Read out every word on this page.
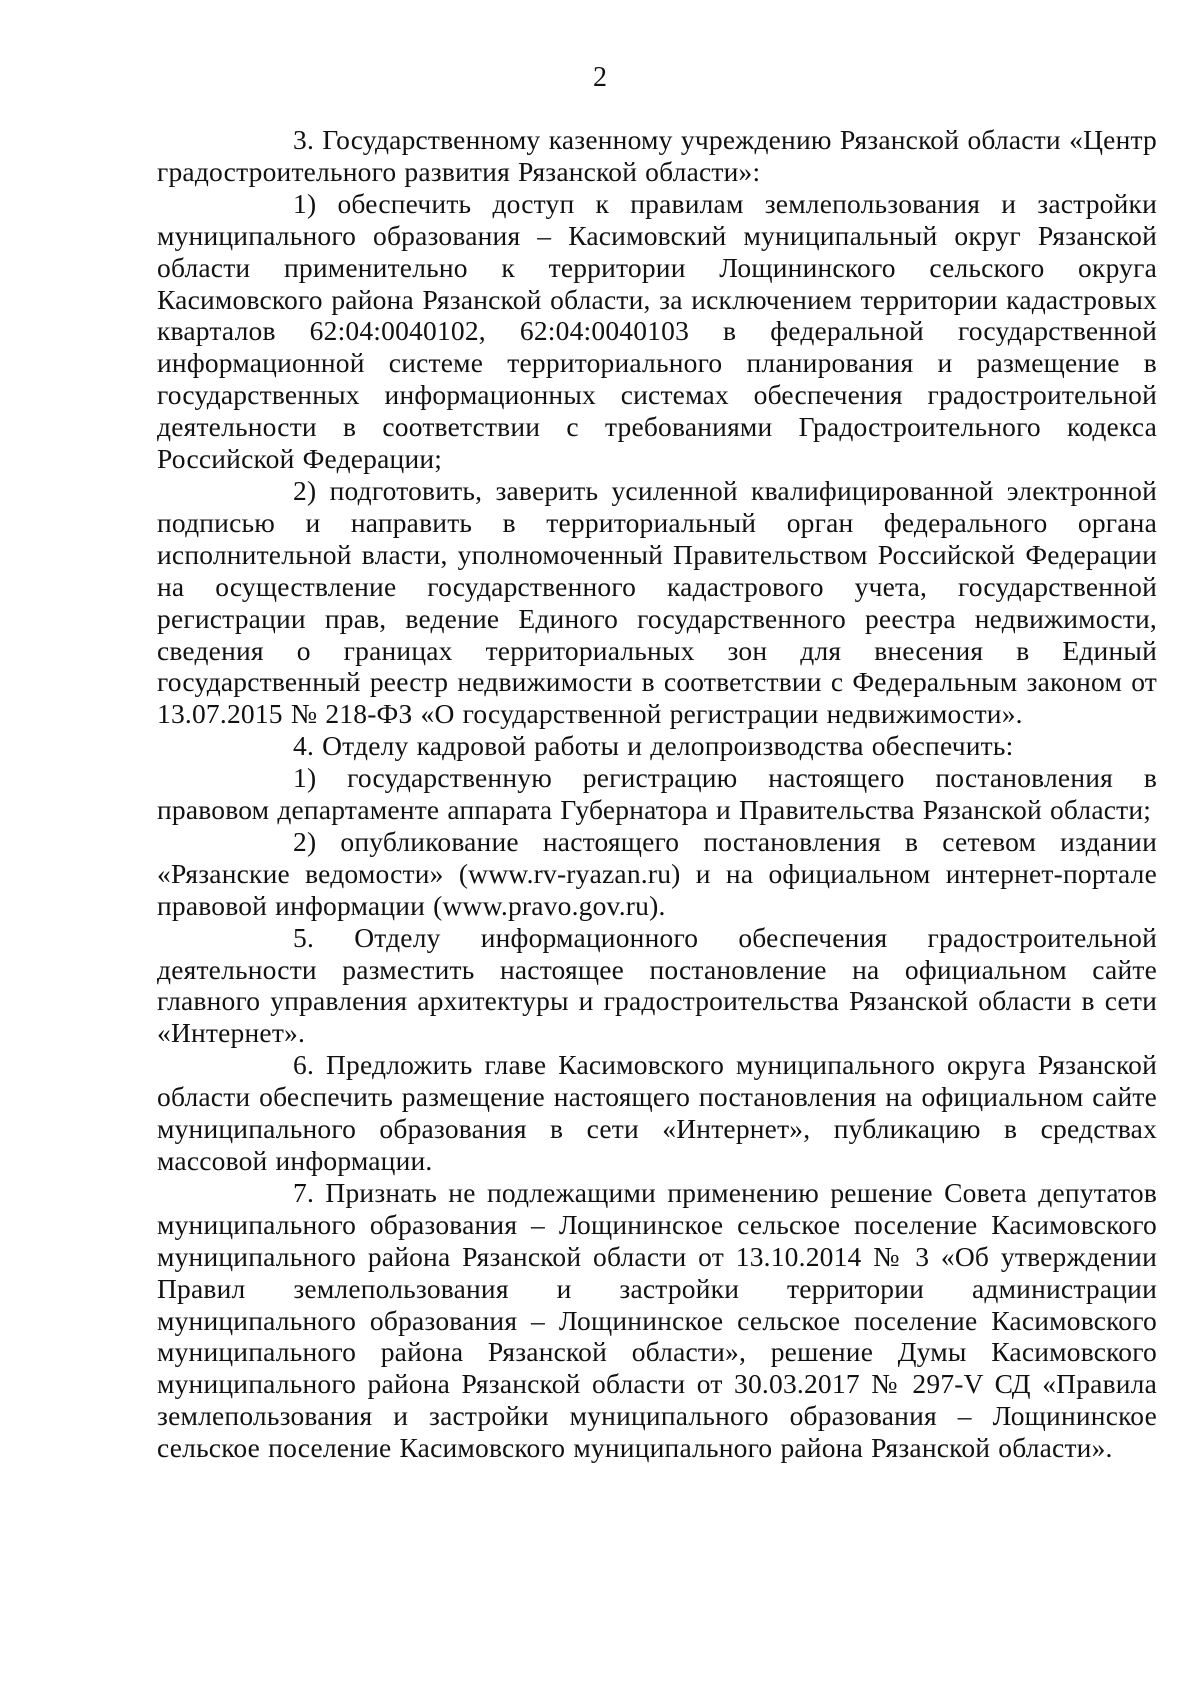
2

3. Государственному казенному учреждению Рязанской области «Центр градостроительного развития Рязанской области»:

1) обеспечить доступ к правилам землепользования и застройки муниципального образования – Касимовский муниципальный округ Рязанской области применительно к территории Лощининского сельского округа Касимовского района Рязанской области, за исключением территории кадастровых кварталов 62:04:0040102, 62:04:0040103 в федеральной государственной информационной системе территориального планирования и размещение в государственных информационных системах обеспечения градостроительной деятельности в соответствии с требованиями Градостроительного кодекса Российской Федерации;

2) подготовить, заверить усиленной квалифицированной электронной подписью и направить в территориальный орган федерального органа исполнительной власти, уполномоченный Правительством Российской Федерации на осуществление государственного кадастрового учета, государственной регистрации прав, ведение Единого государственного реестра недвижимости, сведения о границах территориальных зон для внесения в Единый государственный реестр недвижимости в соответствии с Федеральным законом от 13.07.2015 № 218-ФЗ «О государственной регистрации недвижимости».

4. Отделу кадровой работы и делопроизводства обеспечить:

1) государственную регистрацию настоящего постановления в правовом департаменте аппарата Губернатора и Правительства Рязанской области;

2) опубликование настоящего постановления в сетевом издании «Рязанские ведомости» (www.rv-ryazan.ru) и на официальном интернет-портале правовой информации (www.pravo.gov.ru).

5. Отделу информационного обеспечения градостроительной деятельности разместить настоящее постановление на официальном сайте главного управления архитектуры и градостроительства Рязанской области в сети «Интернет».

6. Предложить главе Касимовского муниципального округа Рязанской области обеспечить размещение настоящего постановления на официальном сайте муниципального образования в сети «Интернет», публикацию в средствах массовой информации.

7. Признать не подлежащими применению решение Совета депутатов муниципального образования – Лощининское сельское поселение Касимовского муниципального района Рязанской области от 13.10.2014 № 3 «Об утверждении Правил землепользования и застройки территории администрации муниципального образования – Лощининское сельское поселение Касимовского муниципального района Рязанской области», решение Думы Касимовского муниципального района Рязанской области от 30.03.2017 № 297-V СД «Правила землепользования и застройки муниципального образования – Лощининское сельское поселение Касимовского муниципального района Рязанской области».
